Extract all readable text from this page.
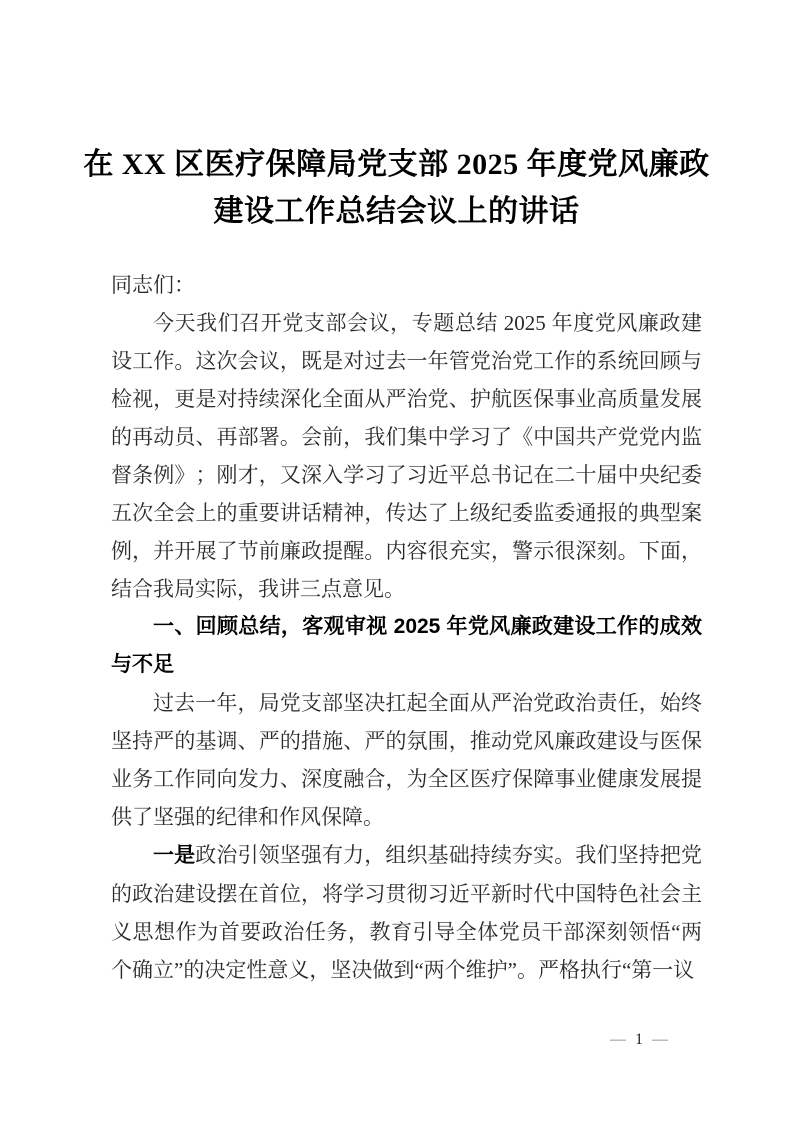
在 XX 区医疗保障局党支部 2025 年度党风廉政
建设工作总结会议上的讲话

同志们：

今天我们召开党支部会议，专题总结 2025 年度党风廉政建设工作。这次会议，既是对过去一年管党治党工作的系统回顾与检视，更是对持续深化全面从严治党、护航医保事业高质量发展的再动员、再部署。会前，我们集中学习了《中国共产党党内监督条例》；刚才，又深入学习了习近平总书记在二十届中央纪委五次全会上的重要讲话精神，传达了上级纪委监委通报的典型案例，并开展了节前廉政提醒。内容很充实，警示很深刻。下面，结合我局实际，我讲三点意见。

一、回顾总结，客观审视 2025 年党风廉政建设工作的成效与不足

过去一年，局党支部坚决扛起全面从严治党政治责任，始终坚持严的基调、严的措施、严的氛围，推动党风廉政建设与医保业务工作同向发力、深度融合，为全区医疗保障事业健康发展提供了坚强的纪律和作风保障。

一是政治引领坚强有力，组织基础持续夯实。我们坚持把党的政治建设摆在首位，将学习贯彻习近平新时代中国特色社会主义思想作为首要政治任务，教育引导全体党员干部深刻领悟“两个确立”的决定性意义，坚决做到“两个维护”。严格执行“第一议

— 1 —
